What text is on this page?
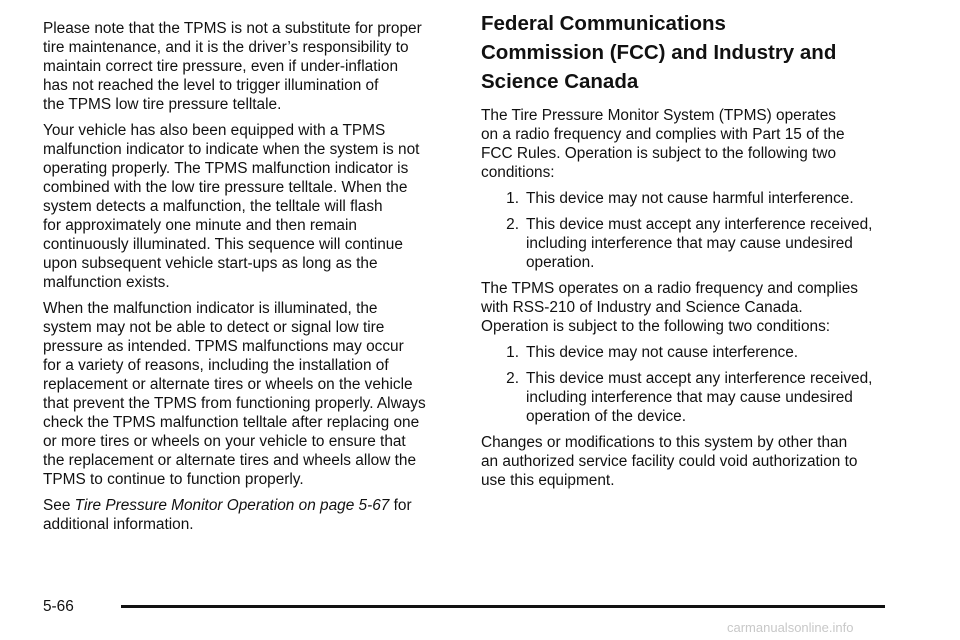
Please note that the TPMS is not a substitute for proper
tire maintenance, and it is the driver’s responsibility to
maintain correct tire pressure, even if under-inflation
has not reached the level to trigger illumination of
the TPMS low tire pressure telltale.

Your vehicle has also been equipped with a TPMS
malfunction indicator to indicate when the system is not
operating properly. The TPMS malfunction indicator is
combined with the low tire pressure telltale. When the
system detects a malfunction, the telltale will flash
for approximately one minute and then remain
continuously illuminated. This sequence will continue
upon subsequent vehicle start-ups as long as the
malfunction exists.

When the malfunction indicator is illuminated, the
system may not be able to detect or signal low tire
pressure as intended. TPMS malfunctions may occur
for a variety of reasons, including the installation of
replacement or alternate tires or wheels on the vehicle
that prevent the TPMS from functioning properly. Always
check the TPMS malfunction telltale after replacing one
or more tires or wheels on your vehicle to ensure that
the replacement or alternate tires and wheels allow the
TPMS to continue to function properly.

See Tire Pressure Monitor Operation on page 5-67 for
additional information.

Federal Communications
Commission (FCC) and Industry and
Science Canada

The Tire Pressure Monitor System (TPMS) operates
on a radio frequency and complies with Part 15 of the
FCC Rules. Operation is subject to the following two
conditions:

1. This device may not cause harmful interference.
2. This device must accept any interference received,
including interference that may cause undesired
operation.

The TPMS operates on a radio frequency and complies
with RSS-210 of Industry and Science Canada.
Operation is subject to the following two conditions:

1. This device may not cause interference.
2. This device must accept any interference received,
including interference that may cause undesired
operation of the device.

Changes or modifications to this system by other than
an authorized service facility could void authorization to
use this equipment.

5-66
carmanualsonline.info
